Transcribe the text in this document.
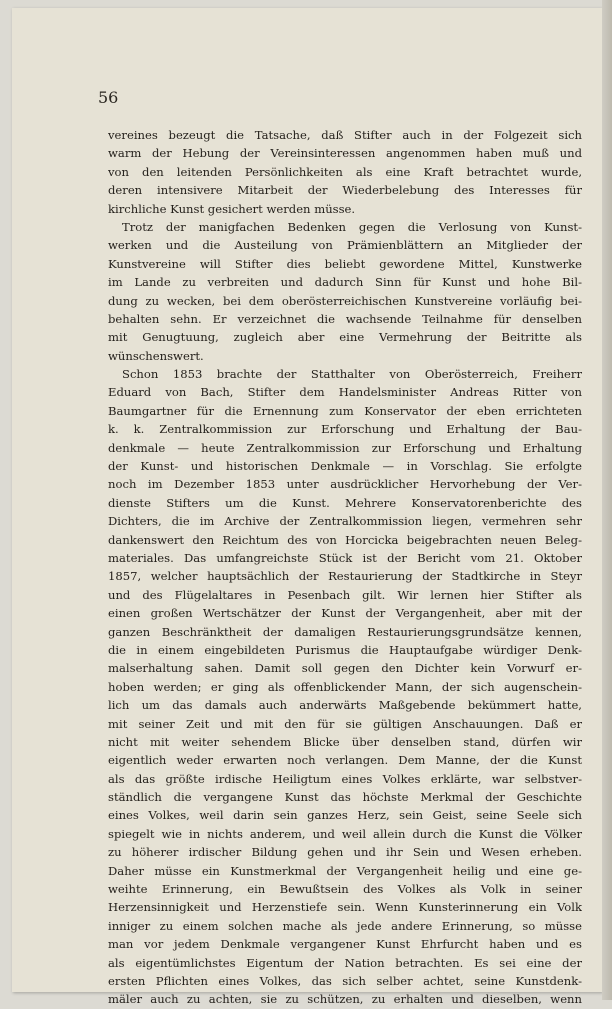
56
vereines bezeugt die Tatsache, daß Stifter auch in der Folgezeit sich
warm der Hebung der Vereinsinteressen angenommen haben muß und
von den leitenden Persönlichkeiten als eine Kraft betrachtet wurde,
deren intensivere Mitarbeit der Wiederbelebung des Interesses für
kirchliche Kunst gesichert werden müsse.
Trotz der manigfachen Bedenken gegen die Verlosung von Kunst-
werken und die Austeilung von Prämienblättern an Mitglieder der
Kunstvereine will Stifter dies beliebt gewordene Mittel, Kunstwerke
im Lande zu verbreiten und dadurch Sinn für Kunst und hohe Bil-
dung zu wecken, bei dem oberösterreichischen Kunstvereine vorläufig bei-
behalten sehn. Er verzeichnet die wachsende Teilnahme für denselben
mit Genugtuung, zugleich aber eine Vermehrung der Beitritte als
wünschenswert.
Schon 1853 brachte der Statthalter von Oberösterreich, Freiherr
Eduard von Bach, Stifter dem Handelsminister Andreas Ritter von
Baumgartner für die Ernennung zum Konservator der eben errichteten
k. k. Zentralkommission zur Erforschung und Erhaltung der Bau-
denkmale — heute Zentralkommission zur Erforschung und Erhaltung
der Kunst- und historischen Denkmale — in Vorschlag. Sie erfolgte
noch im Dezember 1853 unter ausdrücklicher Hervorhebung der Ver-
dienste Stifters um die Kunst. Mehrere Konservatorenberichte des
Dichters, die im Archive der Zentralkommission liegen, vermehren sehr
dankenswert den Reichtum des von Horcicka beigebrachten neuen Beleg-
materiales. Das umfangreichste Stück ist der Bericht vom 21. Oktober
1857, welcher hauptsächlich der Restaurierung der Stadtkirche in Steyr
und des Flügelaltares in Pesenbach gilt. Wir lernen hier Stifter als
einen großen Wertschätzer der Kunst der Vergangenheit, aber mit der
ganzen Beschränktheit der damaligen Restaurierungsgrundsätze kennen,
die in einem eingebildeten Purismus die Hauptaufgabe würdiger Denk-
malserhaltung sahen. Damit soll gegen den Dichter kein Vorwurf er-
hoben werden; er ging als offenblickender Mann, der sich augenschein-
lich um das damals auch anderwärts Maßgebende bekümmert hatte,
mit seiner Zeit und mit den für sie gültigen Anschauungen. Daß er
nicht mit weiter sehendem Blicke über denselben stand, dürfen wir
eigentlich weder erwarten noch verlangen. Dem Manne, der die Kunst
als das größte irdische Heiligtum eines Volkes erklärte, war selbstver-
ständlich die vergangene Kunst das höchste Merkmal der Geschichte
eines Volkes, weil darin sein ganzes Herz, sein Geist, seine Seele sich
spiegelt wie in nichts anderem, und weil allein durch die Kunst die Völker
zu höherer irdischer Bildung gehen und ihr Sein und Wesen erheben.
Daher müsse ein Kunstmerkmal der Vergangenheit heilig und eine ge-
weihte Erinnerung, ein Bewußtsein des Volkes als Volk in seiner
Herzensinnigkeit und Herzenstiefe sein. Wenn Kunsterinnerung ein Volk
inniger zu einem solchen mache als jede andere Erinnerung, so müsse
man vor jedem Denkmale vergangener Kunst Ehrfurcht haben und es
als eigentümlichstes Eigentum der Nation betrachten. Es sei eine der
ersten Pflichten eines Volkes, das sich selber achtet, seine Kunstdenk-
mäler auch zu achten, sie zu schützen, zu erhalten und dieselben, wenn
